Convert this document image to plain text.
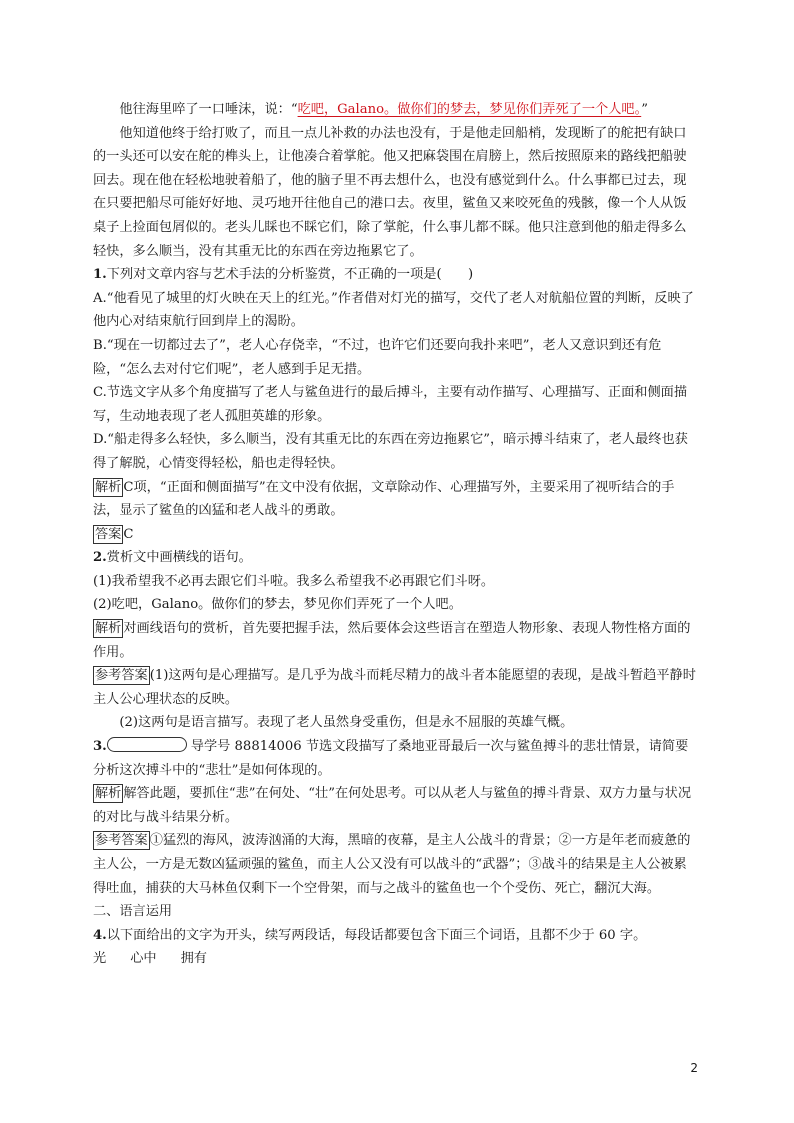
他往海里啐了一口唾沫，说：“吃吧，Galano。做你们的梦去，梦见你们弄死了一个人吧。”

他知道他终于给打败了，而且一点儿补救的办法也没有，于是他走回船梢，发现断了的舵把有缺口的一头还可以安在舵的榫头上，让他凑合着掌舵。他又把麻袋围在肩膀上，然后按照原来的路线把船驶回去。现在他在轻松地驶着船了，他的脑子里不再去想什么，也没有感觉到什么。什么事都已过去，现在只要把船尽可能好好地、灵巧地开往他自己的港口去。夜里，鲨鱼又来咬死鱼的残骸，像一个人从饭桌子上捡面包屑似的。老头儿睬也不睬它们，除了掌舵，什么事儿都不睬。他只注意到他的船走得多么轻快，多么顺当，没有其重无比的东西在旁边拖累它了。

1.下列对文章内容与艺术手法的分析鉴赏，不正确的一项是(　　)

A.“他看见了城里的灯火映在天上的红光。”作者借对灯光的描写，交代了老人对航船位置的判断，反映了他内心对结束航行回到岸上的渴盼。

B.“现在一切都过去了”，老人心存侥幸，“不过，也许它们还要向我扑来吧”，老人又意识到还有危险，“怎么去对付它们呢”，老人感到手足无措。

C.节选文字从多个角度描写了老人与鲨鱼进行的最后搏斗，主要有动作描写、心理描写、正面和侧面描写，生动地表现了老人孤胆英雄的形象。

D.“船走得多么轻快，多么顺当，没有其重无比的东西在旁边拖累它”，暗示搏斗结束了，老人最终也获得了解脱，心情变得轻松，船也走得轻快。

解析 C项，“正面和侧面描写”在文中没有依据，文章除动作、心理描写外，主要采用了视听结合的手法，显示了鲨鱼的凶猛和老人战斗的勇敢。

答案 C

2.赏析文中画横线的语句。

(1)我希望我不必再去跟它们斗啦。我多么希望我不必再跟它们斗呀。

(2)吃吧，Galano。做你们的梦去，梦见你们弄死了一个人吧。

解析 对画线语句的赏析，首先要把握手法，然后要体会这些语言在塑造人物形象、表现人物性格方面的作用。

参考答案 (1)这两句是心理描写。是几乎为战斗而耗尽精力的战斗者本能愿望的表现，是战斗暂趋平静时主人公心理状态的反映。

(2)这两句是语言描写。表现了老人虽然身受重伤，但是永不屈服的英雄气概。

3.	导学号 88814006 节选文段描写了桑地亚哥最后一次与鲨鱼搏斗的悲壮情景，请简要分析这次搏斗中的“悲壮”是如何体现的。

解析 解答此题，要抓住“悲”在何处、“壮”在何处思考。可以从老人与鲨鱼的搏斗背景、双方力量与状况的对比与战斗结果分析。

参考答案 ①猛烈的海风，波涛汹涌的大海，黑暗的夜幕，是主人公战斗的背景；②一方是年老而疲惫的主人公，一方是无数凶猛顽强的鲨鱼，而主人公又没有可以战斗的“武器”；③战斗的结果是主人公被累得吐血，捕获的大马林鱼仅剩下一个空骨架，而与之战斗的鲨鱼也一个个受伤、死亡，翻沉大海。

二、语言运用

4.以下面给出的文字为开头，续写两段话，每段话都要包含下面三个词语，且都不少于 60 字。

光 心中 拥有

2
